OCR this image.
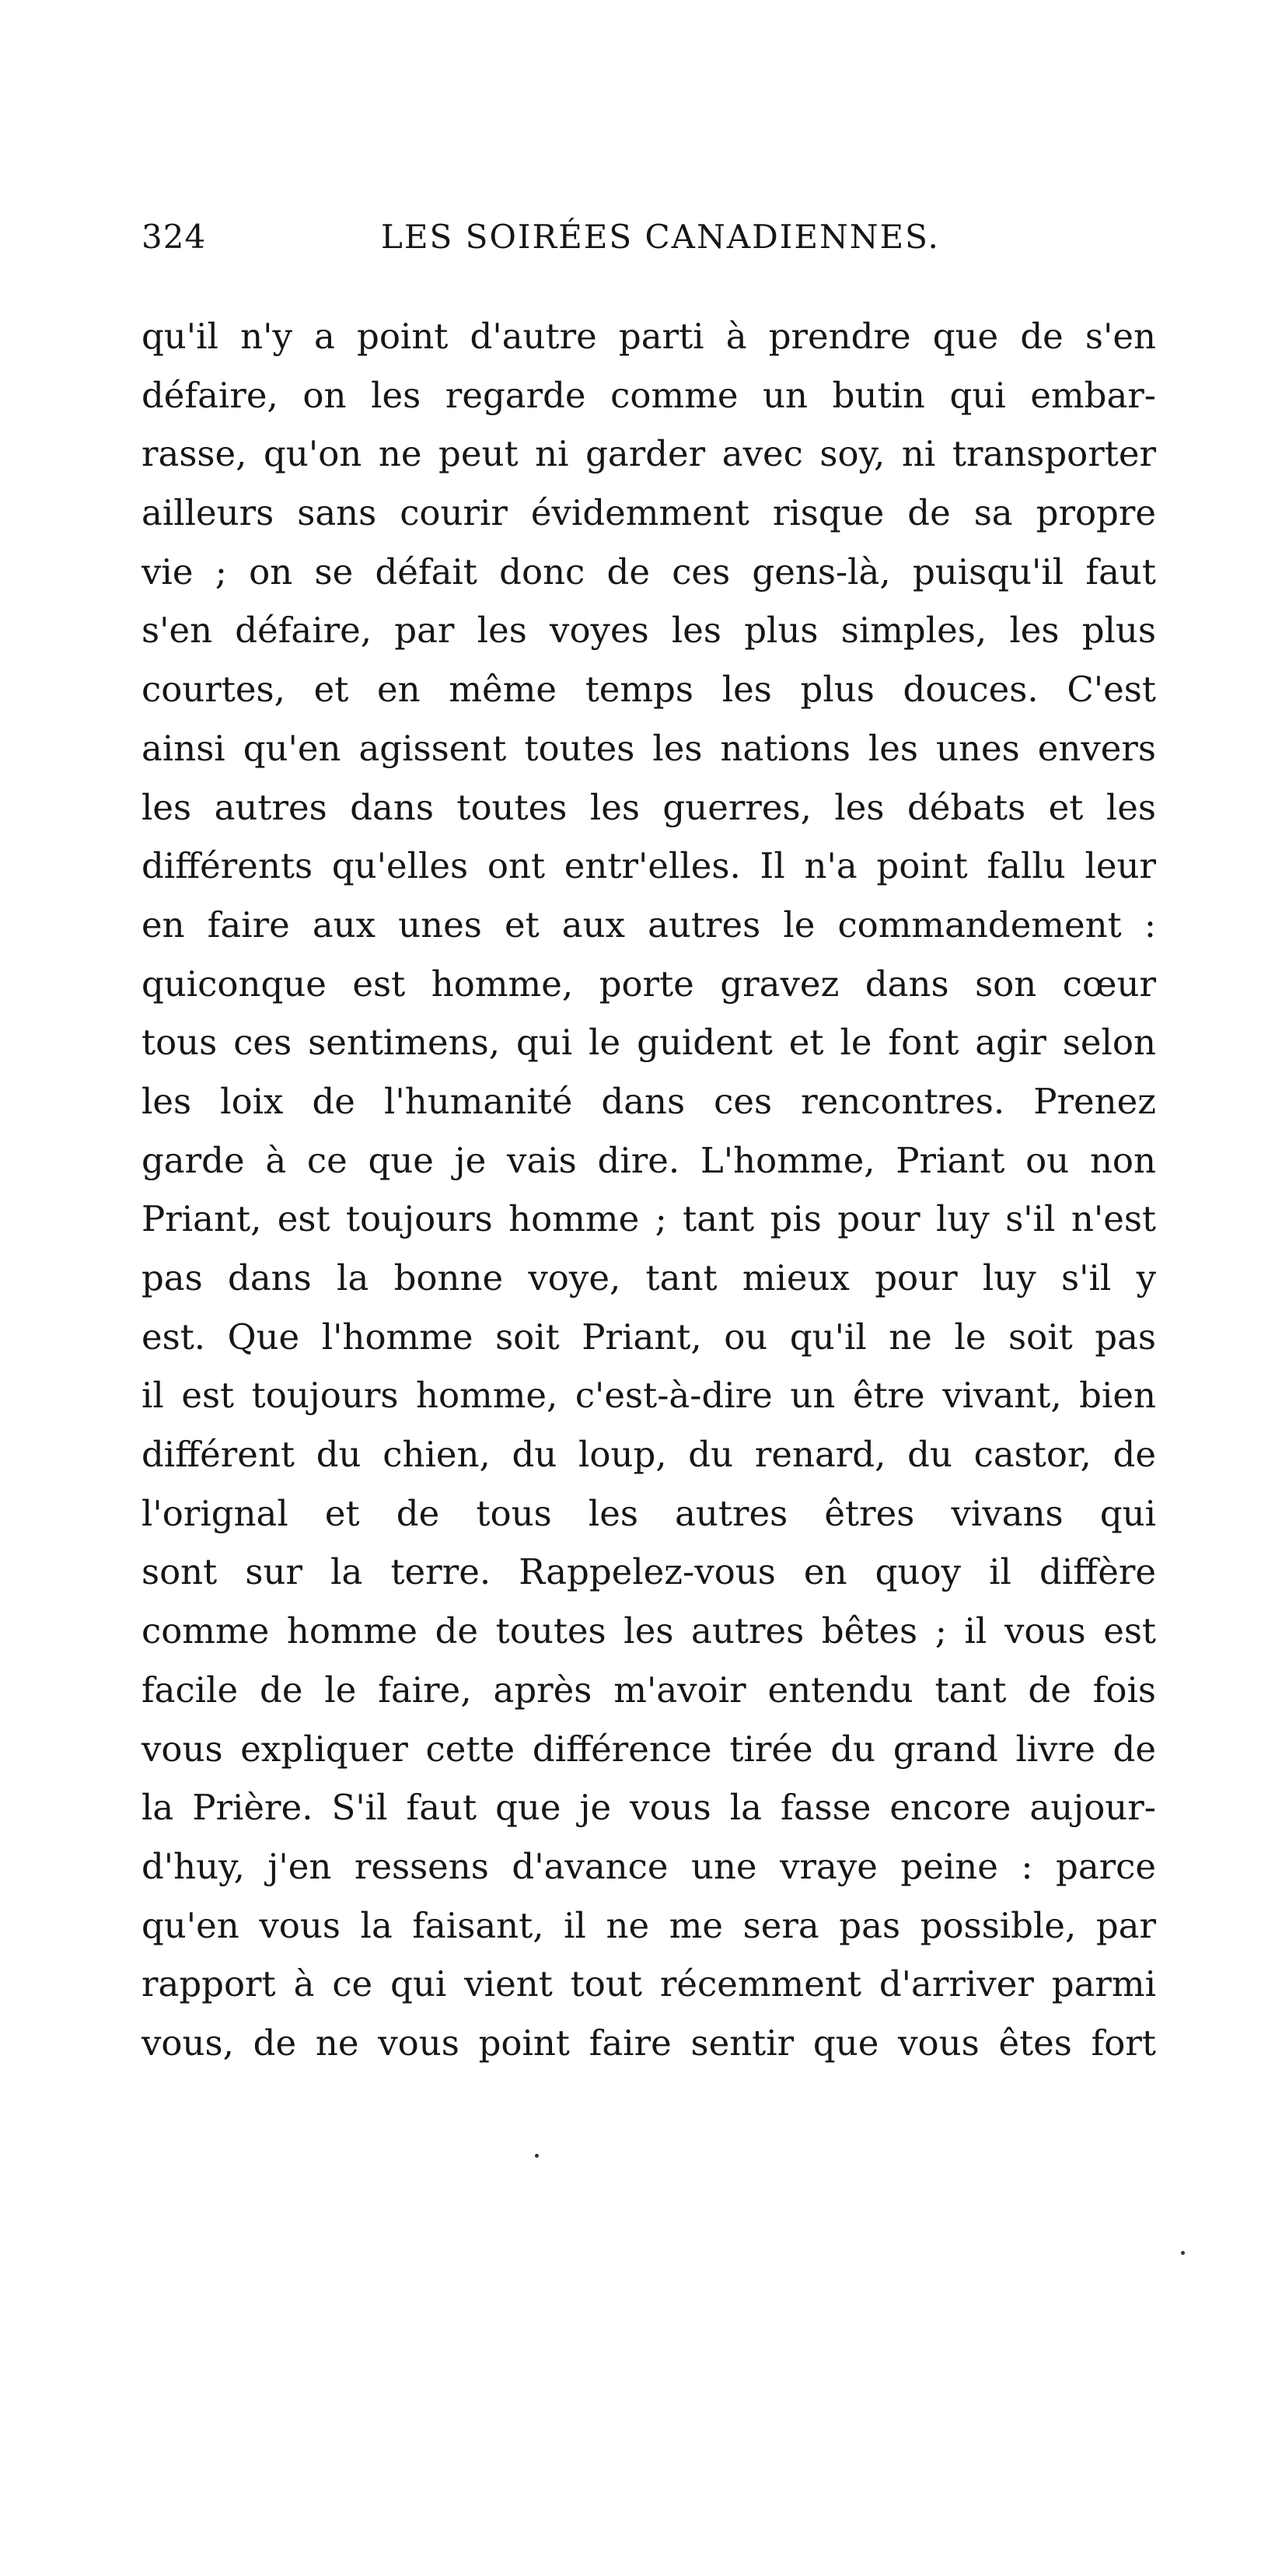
324	LES SOIRÉES CANADIENNES.
qu'il n'y a point d'autre parti à prendre que de s'en
défaire, on les regarde comme un butin qui embar-
rasse, qu'on ne peut ni garder avec soy, ni transporter
ailleurs sans courir évidemment risque de sa propre
vie ; on se défait donc de ces gens-là, puisqu'il faut
s'en défaire, par les voyes les plus simples, les plus
courtes, et en même temps les plus douces. C'est
ainsi qu'en agissent toutes les nations les unes envers
les autres dans toutes les guerres, les débats et les
différents qu'elles ont entr'elles. Il n'a point fallu leur
en faire aux unes et aux autres le commandement :
quiconque est homme, porte gravez dans son cœur
tous ces sentimens, qui le guident et le font agir selon
les loix de l'humanité dans ces rencontres. Prenez
garde à ce que je vais dire. L'homme, Priant ou non
Priant, est toujours homme ; tant pis pour luy s'il n'est
pas dans la bonne voye, tant mieux pour luy s'il y
est. Que l'homme soit Priant, ou qu'il ne le soit pas
il est toujours homme, c'est-à-dire un être vivant, bien
différent du chien, du loup, du renard, du castor, de
l'orignal et de tous les autres êtres vivans qui
sont sur la terre. Rappelez-vous en quoy il diffère
comme homme de toutes les autres bêtes ; il vous est
facile de le faire, après m'avoir entendu tant de fois
vous expliquer cette différence tirée du grand livre de
la Prière. S'il faut que je vous la fasse encore aujour-
d'huy, j'en ressens d'avance une vraye peine : parce
qu'en vous la faisant, il ne me sera pas possible, par
rapport à ce qui vient tout récemment d'arriver parmi
vous, de ne vous point faire sentir que vous êtes fort
